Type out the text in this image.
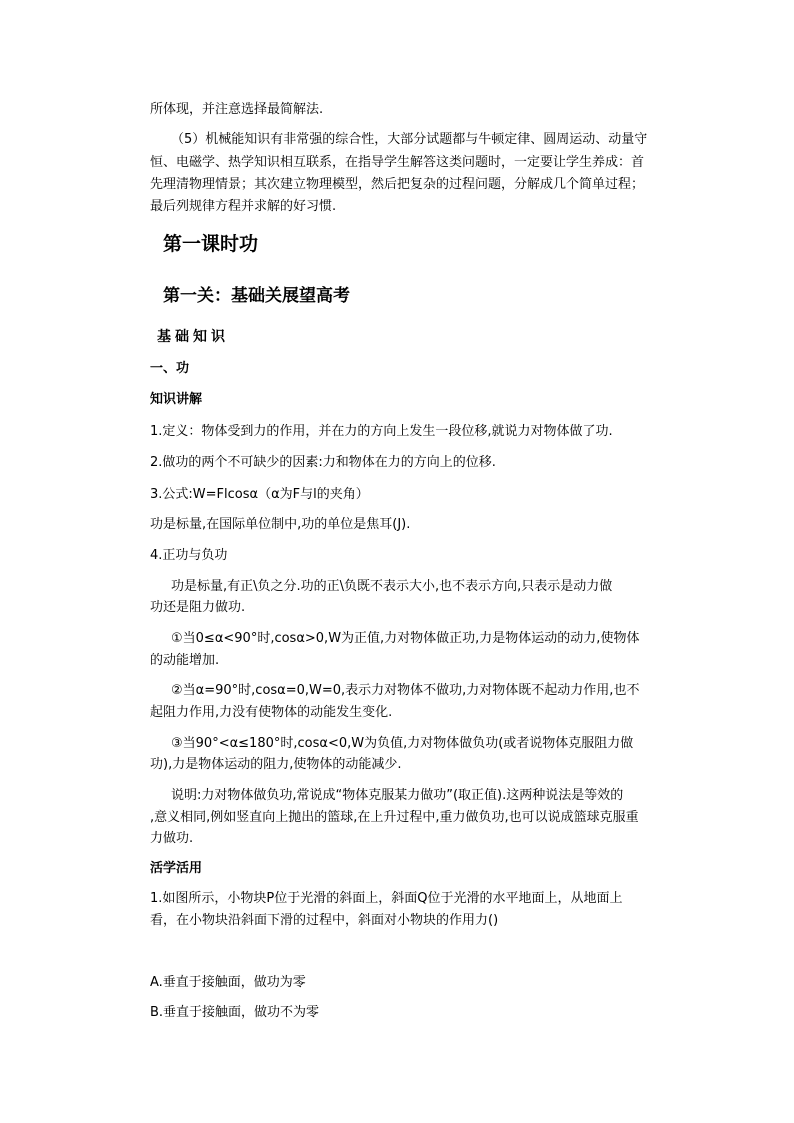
所体现，并注意选择最简解法.
（5）机械能知识有非常强的综合性，大部分试题都与牛顿定律、圆周运动、动量守
恒、电磁学、热学知识相互联系，在指导学生解答这类问题时，一定要让学生养成：首
先理清物理情景；其次建立物理模型，然后把复杂的过程问题，分解成几个简单过程；
最后列规律方程并求解的好习惯.
第一课时功
第一关：基础关展望高考
基础知识
一、功
知识讲解
1.定义：物体受到力的作用，并在力的方向上发生一段位移,就说力对物体做了功.
2.做功的两个不可缺少的因素:力和物体在力的方向上的位移.
3.公式:W=Flcosα（α为F与l的夹角）
功是标量,在国际单位制中,功的单位是焦耳(J).
4.正功与负功
功是标量,有正\负之分.功的正\负既不表示大小,也不表示方向,只表示是动力做
功还是阻力做功.
①当0≤α<90°时,cosα>0,W为正值,力对物体做正功,力是物体运动的动力,使物体
的动能增加.
②当α=90°时,cosα=0,W=0,表示力对物体不做功,力对物体既不起动力作用,也不
起阻力作用,力没有使物体的动能发生变化.
③当90°<α≤180°时,cosα<0,W为负值,力对物体做负功(或者说物体克服阻力做
功),力是物体运动的阻力,使物体的动能减少.
说明:力对物体做负功,常说成“物体克服某力做功”(取正值).这两种说法是等效的
,意义相同,例如竖直向上抛出的篮球,在上升过程中,重力做负功,也可以说成篮球克服重
力做功.
活学活用
1.如图所示，小物块P位于光滑的斜面上，斜面Q位于光滑的水平地面上，从地面上
看，在小物块沿斜面下滑的过程中，斜面对小物块的作用力()
A.垂直于接触面，做功为零
B.垂直于接触面，做功不为零
